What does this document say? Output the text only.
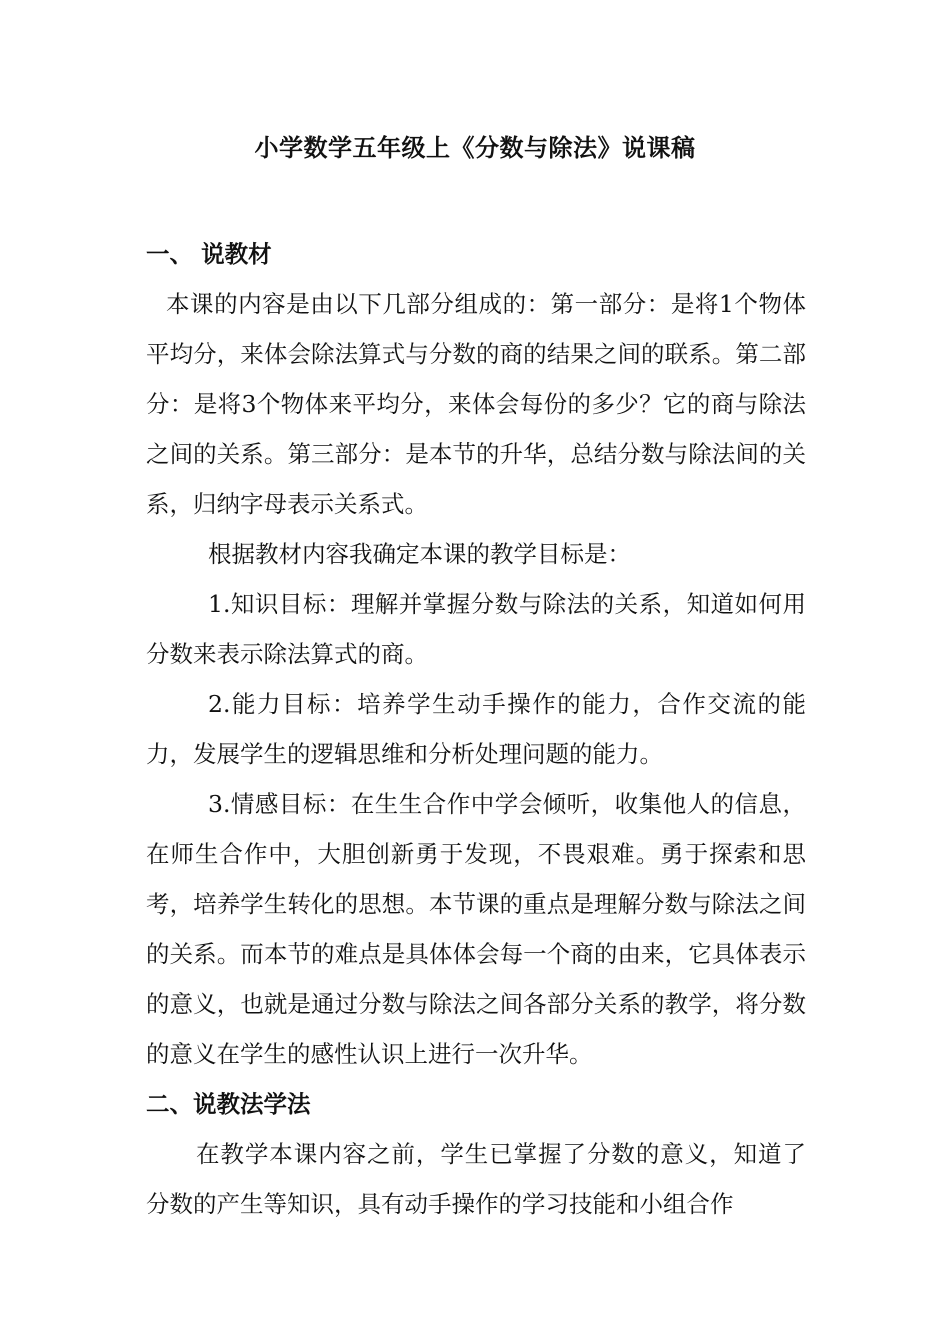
小学数学五年级上《分数与除法》说课稿

一、 说教材

本课的内容是由以下几部分组成的：第一部分：是将1个物体平均分，来体会除法算式与分数的商的结果之间的联系。第二部分：是将3个物体来平均分，来体会每份的多少？它的商与除法之间的关系。第三部分：是本节的升华，总结分数与除法间的关系，归纳字母表示关系式。

根据教材内容我确定本课的教学目标是：

1.知识目标：理解并掌握分数与除法的关系，知道如何用分数来表示除法算式的商。

2.能力目标：培养学生动手操作的能力，合作交流的能力，发展学生的逻辑思维和分析处理问题的能力。

3.情感目标：在生生合作中学会倾听，收集他人的信息，在师生合作中，大胆创新勇于发现，不畏艰难。勇于探索和思考，培养学生转化的思想。本节课的重点是理解分数与除法之间的关系。而本节的难点是具体体会每一个商的由来，它具体表示的意义，也就是通过分数与除法之间各部分关系的教学，将分数的意义在学生的感性认识上进行一次升华。

二、说教法学法

在教学本课内容之前，学生已掌握了分数的意义，知道了分数的产生等知识，具有动手操作的学习技能和小组合作
